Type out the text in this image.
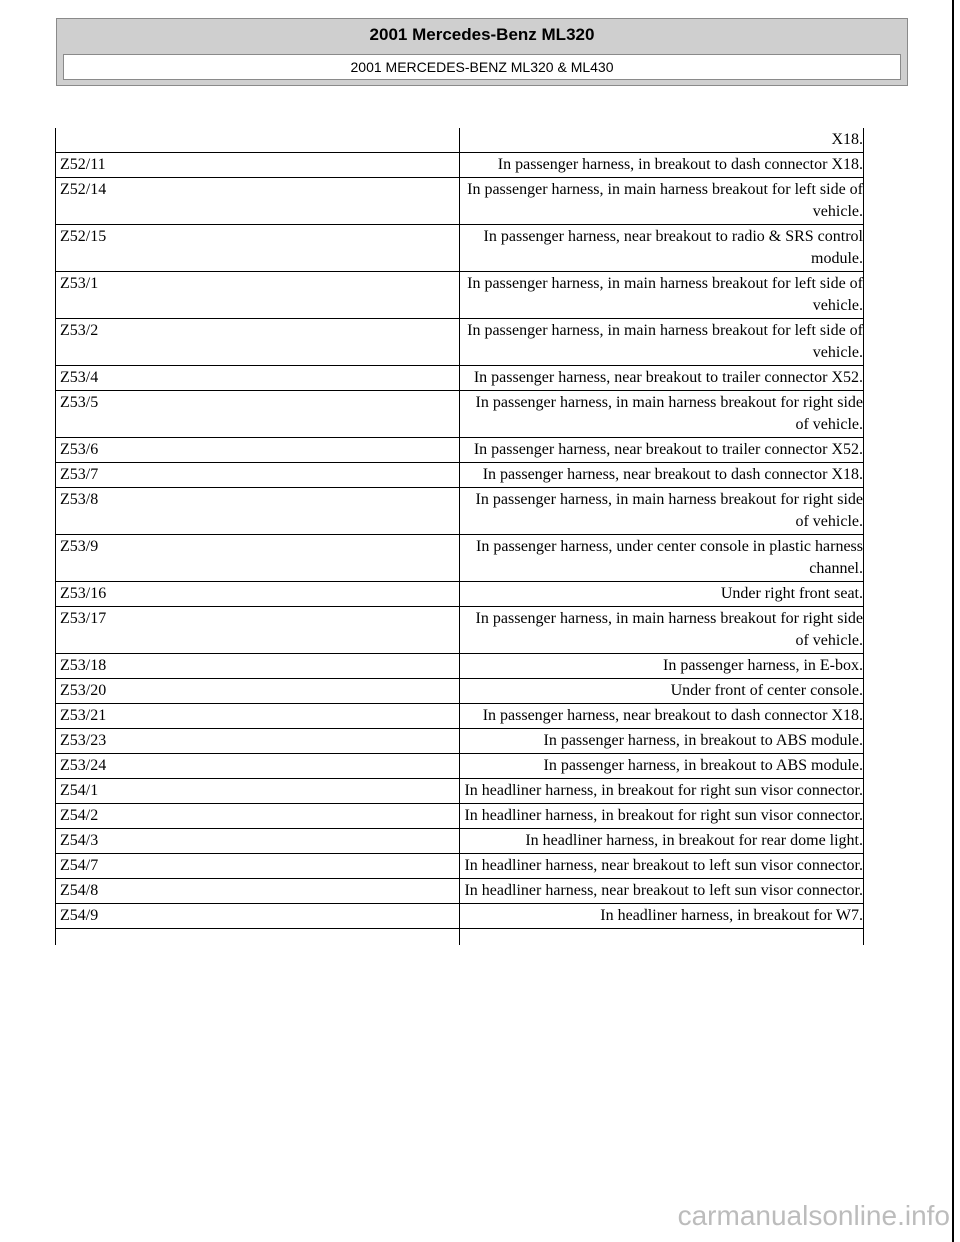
2001 Mercedes-Benz ML320
2001 MERCEDES-BENZ ML320 & ML430
	X18.
Z52/11	In passenger harness, in breakout to dash connector X18.
Z52/14	In passenger harness, in main harness breakout for left side of vehicle.
Z52/15	In passenger harness, near breakout to radio & SRS control module.
Z53/1	In passenger harness, in main harness breakout for left side of vehicle.
Z53/2	In passenger harness, in main harness breakout for left side of vehicle.
Z53/4	In passenger harness, near breakout to trailer connector X52.
Z53/5	In passenger harness, in main harness breakout for right side of vehicle.
Z53/6	In passenger harness, near breakout to trailer connector X52.
Z53/7	In passenger harness, near breakout to dash connector X18.
Z53/8	In passenger harness, in main harness breakout for right side of vehicle.
Z53/9	In passenger harness, under center console in plastic harness channel.
Z53/16	Under right front seat.
Z53/17	In passenger harness, in main harness breakout for right side of vehicle.
Z53/18	In passenger harness, in E-box.
Z53/20	Under front of center console.
Z53/21	In passenger harness, near breakout to dash connector X18.
Z53/23	In passenger harness, in breakout to ABS module.
Z53/24	In passenger harness, in breakout to ABS module.
Z54/1	In headliner harness, in breakout for right sun visor connector.
Z54/2	In headliner harness, in breakout for right sun visor connector.
Z54/3	In headliner harness, in breakout for rear dome light.
Z54/7	In headliner harness, near breakout to left sun visor connector.
Z54/8	In headliner harness, near breakout to left sun visor connector.
Z54/9	In headliner harness, in breakout for W7.

carmanualsonline.info
